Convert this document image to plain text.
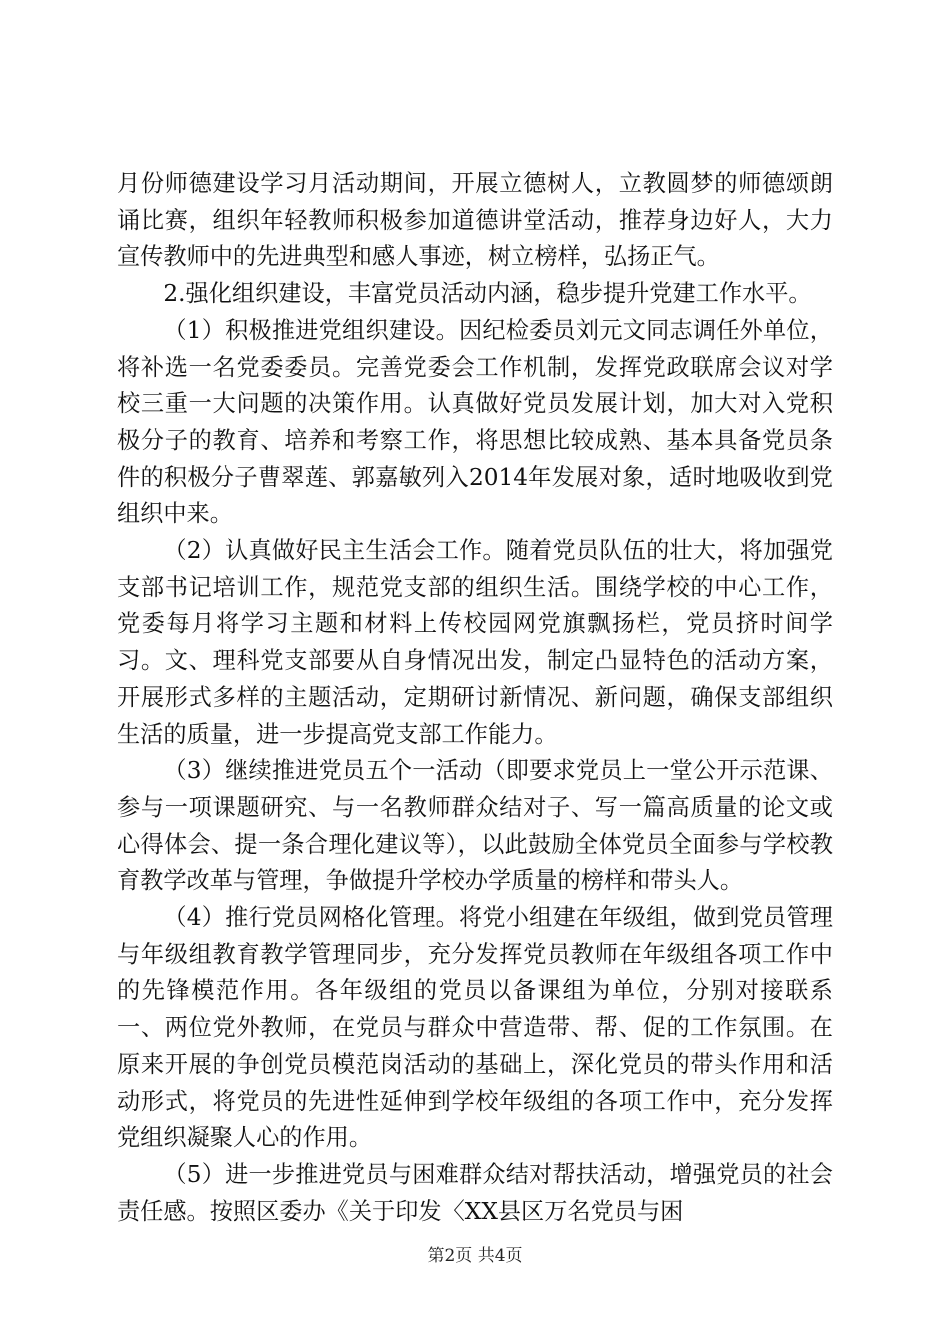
月份师德建设学习月活动期间，开展立德树人，立教圆梦的师德颂朗诵比赛，组织年轻教师积极参加道德讲堂活动，推荐身边好人，大力宣传教师中的先进典型和感人事迹，树立榜样，弘扬正气。

2.强化组织建设，丰富党员活动内涵，稳步提升党建工作水平。

（1）积极推进党组织建设。因纪检委员刘元文同志调任外单位，将补选一名党委委员。完善党委会工作机制，发挥党政联席会议对学校三重一大问题的决策作用。认真做好党员发展计划，加大对入党积极分子的教育、培养和考察工作，将思想比较成熟、基本具备党员条件的积极分子曹翠莲、郭嘉敏列入2014年发展对象，适时地吸收到党组织中来。

（2）认真做好民主生活会工作。随着党员队伍的壮大，将加强党支部书记培训工作，规范党支部的组织生活。围绕学校的中心工作，党委每月将学习主题和材料上传校园网党旗飘扬栏，党员挤时间学习。文、理科党支部要从自身情况出发，制定凸显特色的活动方案，开展形式多样的主题活动，定期研讨新情况、新问题，确保支部组织生活的质量，进一步提高党支部工作能力。

（3）继续推进党员五个一活动（即要求党员上一堂公开示范课、参与一项课题研究、与一名教师群众结对子、写一篇高质量的论文或心得体会、提一条合理化建议等），以此鼓励全体党员全面参与学校教育教学改革与管理，争做提升学校办学质量的榜样和带头人。

（4）推行党员网格化管理。将党小组建在年级组，做到党员管理与年级组教育教学管理同步，充分发挥党员教师在年级组各项工作中的先锋模范作用。各年级组的党员以备课组为单位，分别对接联系一、两位党外教师，在党员与群众中营造带、帮、促的工作氛围。在原来开展的争创党员模范岗活动的基础上，深化党员的带头作用和活动形式，将党员的先进性延伸到学校年级组的各项工作中，充分发挥党组织凝聚人心的作用。

（5）进一步推进党员与困难群众结对帮扶活动，增强党员的社会责任感。按照区委办《关于印发〈XX县区万名党员与困

第2页 共4页
